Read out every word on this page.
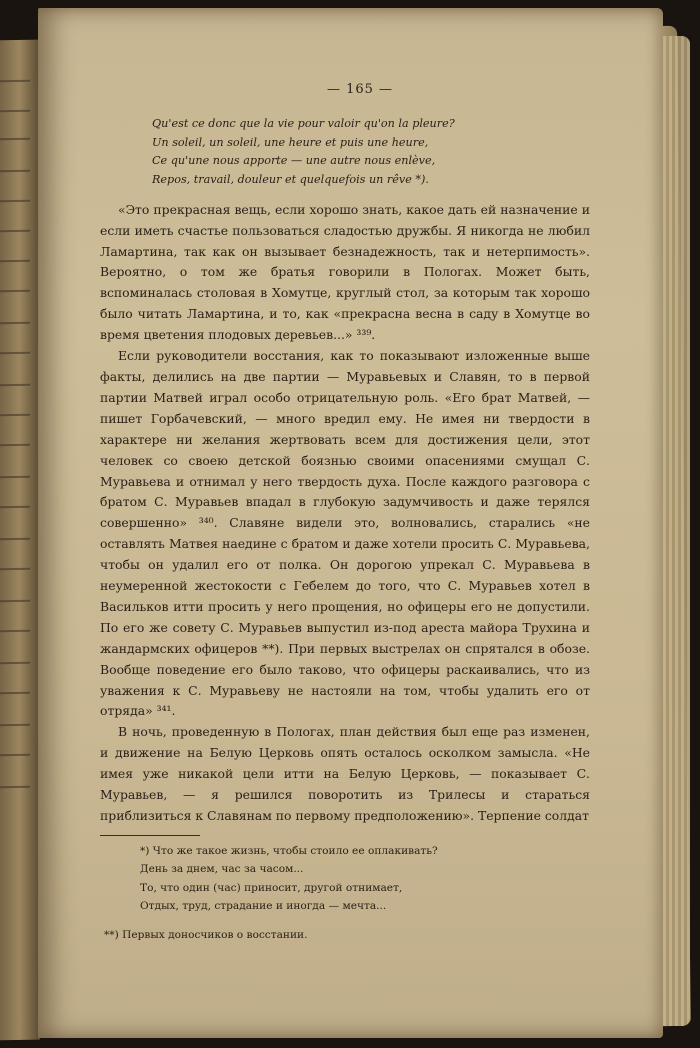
— 165 —
Qu'est ce donc que la vie pour valoir qu'on la pleure?
Un soleil, un soleil, une heure et puis une heure,
Ce qu'une nous apporte — une autre nous enlève,
Repos, travail, douleur et quelquefois un rêve *).

«Это прекрасная вещь, если хорошо знать, какое дать ей назначение и если иметь счастье пользоваться сладостью дружбы. Я никогда не любил Ламартина, так как он вызывает безнадежность, так и нетерпимость». Вероятно, о том же братья говорили в Пологах. Может быть, вспоминалась столовая в Хомутце, круглый стол, за которым так хорошо было читать Ламартина, и то, как «прекрасна весна в саду в Хомутце во время цветения плодовых деревьев...» ³³⁹.

Если руководители восстания, как то показывают изложенные выше факты, делились на две партии — Муравьевых и Славян, то в первой партии Матвей играл особо отрицательную роль. «Его брат Матвей, — пишет Горбачевский, — много вредил ему. Не имея ни твердости в характере ни желания жертвовать всем для достижения цели, этот человек со своею детской боязнью своими опасениями смущал С. Муравьева и отнимал у него твердость духа. После каждого разговора с братом С. Муравьев впадал в глубокую задумчивость и даже терялся совершенно» ³⁴⁰. Славяне видели это, волновались, старались «не оставлять Матвея наедине с братом и даже хотели просить С. Муравьева, чтобы он удалил его от полка. Он дорогою упрекал С. Муравьева в неумеренной жестокости с Гебелем до того, что С. Муравьев хотел в Васильков итти просить у него прощения, но офицеры его не допустили. По его же совету С. Муравьев выпустил из-под ареста майора Трухина и жандармских офицеров **). При первых выстрелах он спрятался в обозе. Вообще поведение его было таково, что офицеры раскаивались, что из уважения к С. Муравьеву не настояли на том, чтобы удалить его от отряда» ³⁴¹.

В ночь, проведенную в Пологах, план действия был еще раз изменен, и движение на Белую Церковь опять осталось осколком замысла. «Не имея уже никакой цели итти на Белую Церковь, — показывает С. Муравьев, — я решился поворотить из Трилесы и стараться приблизиться к Славянам по первому предположению». Терпение солдат

*) Что же такое жизнь, чтобы стоило ее оплакивать?
День за днем, час за часом...
То, что один (час) приносит, другой отнимает,
Отдых, труд, страдание и иногда — мечта...

**) Первых доносчиков о восстании.
